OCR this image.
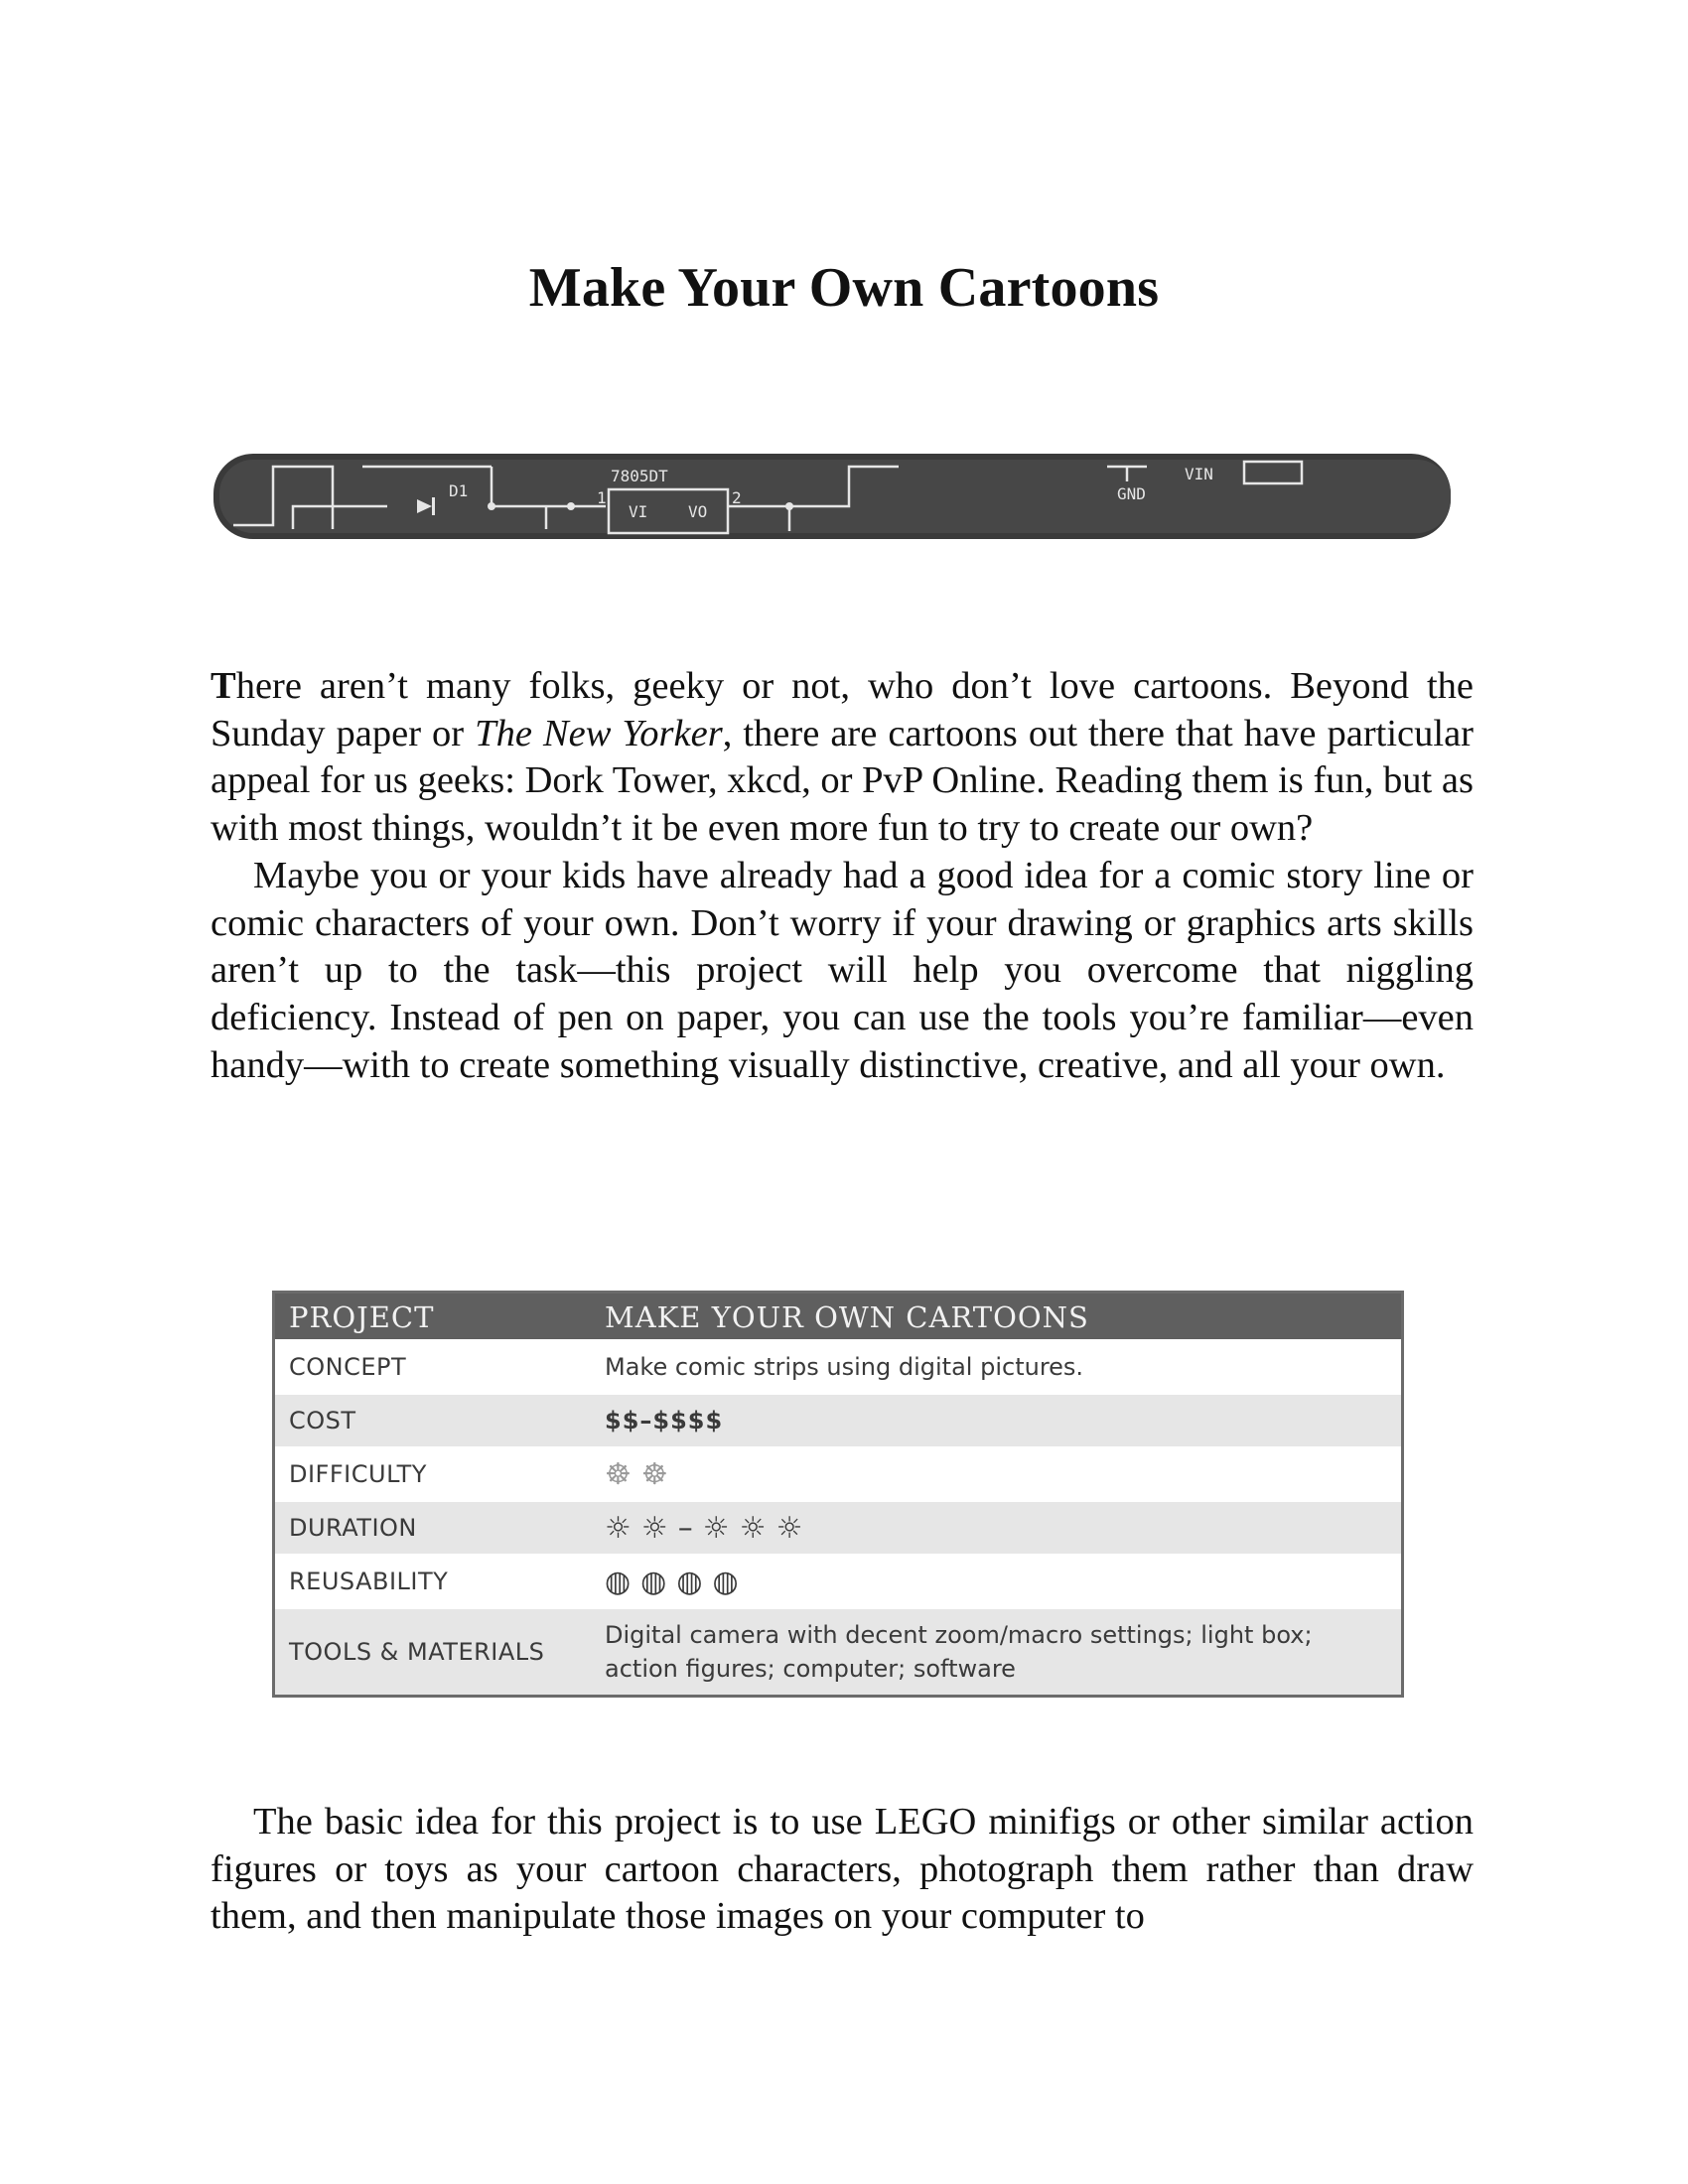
Make Your Own Cartoons
7805DT
D1
VI	VO
GND
VIN
1	2

There aren’t many folks, geeky or not, who don’t love cartoons. Beyond the Sunday paper or The New Yorker, there are cartoons out there that have particular appeal for us geeks: Dork Tower, xkcd, or PvP Online. Reading them is fun, but as with most things, wouldn’t it be even more fun to try to create our own?

Maybe you or your kids have already had a good idea for a comic story line or comic characters of your own. Don’t worry if your drawing or graphics arts skills aren’t up to the task—this project will help you overcome that niggling deficiency. Instead of pen on paper, you can use the tools you’re familiar—even handy—with to create something visually distinctive, creative, and all your own.

PROJECT	MAKE YOUR OWN CARTOONS
CONCEPT	Make comic strips using digital pictures.
COST	$$–$$$$
DIFFICULTY	☸☸
DURATION	☼☼–☼☼☼
REUSABILITY	◍◍◍◍
TOOLS & MATERIALS	Digital camera with decent zoom/macro settings; light box; action figures; computer; software

The basic idea for this project is to use LEGO minifigs or other similar action figures or toys as your cartoon characters, photograph them rather than draw them, and then manipulate those images on your computer to
